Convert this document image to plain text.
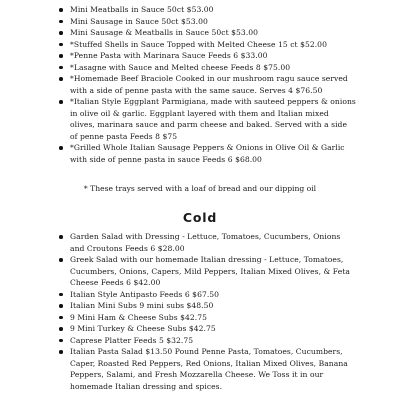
Mini Meatballs in Sauce 50ct $53.00
Mini Sausage in Sauce 50ct $53.00
Mini Sausage & Meatballs in Sauce 50ct $53.00
*Stuffed Shells in Sauce Topped with Melted Cheese 15 ct $52.00
*Penne Pasta with Marinara Sauce Feeds 6 $33.00
*Lasagne with Sauce and Melted cheese Feeds 8 $75.00
*Homemade Beef Braciole Cooked in our mushroom ragu sauce served with a side of penne pasta with the same sauce. Serves 4 $76.50
*Italian Style Eggplant Parmigiana, made with sauteed peppers & onions in olive oil & garlic. Eggplant layered with them and Italian mixed olives, marinara sauce and parm cheese and baked. Served with a side of penne pasta Feeds 8 $75
*Grilled Whole Italian Sausage Peppers & Onions in Olive Oil & Garlic with side of penne pasta in sauce Feeds 6 $68.00
* These trays served with a loaf of bread and our dipping oil
Cold
Garden Salad with Dressing - Lettuce, Tomatoes, Cucumbers, Onions and Croutons Feeds 6 $28.00
Greek Salad with our homemade Italian dressing - Lettuce, Tomatoes, Cucumbers, Onions, Capers, Mild Peppers, Italian Mixed Olives, & Feta Cheese Feeds 6 $42.00
Italian Style Antipasto Feeds 6 $67.50
Italian Mini Subs 9 mini subs $48.50
9 Mini Ham & Cheese Subs $42.75
9 Mini Turkey & Cheese Subs $42.75
Caprese Platter Feeds 5 $32.75
Italian Pasta Salad $13.50 Pound Penne Pasta, Tomatoes, Cucumbers, Caper, Roasted Red Peppers, Red Onions, Italian Mixed Olives, Banana Peppers, Salami, and Fresh Mozzarella Cheese. We Toss it in our homemade Italian dressing and spices.
